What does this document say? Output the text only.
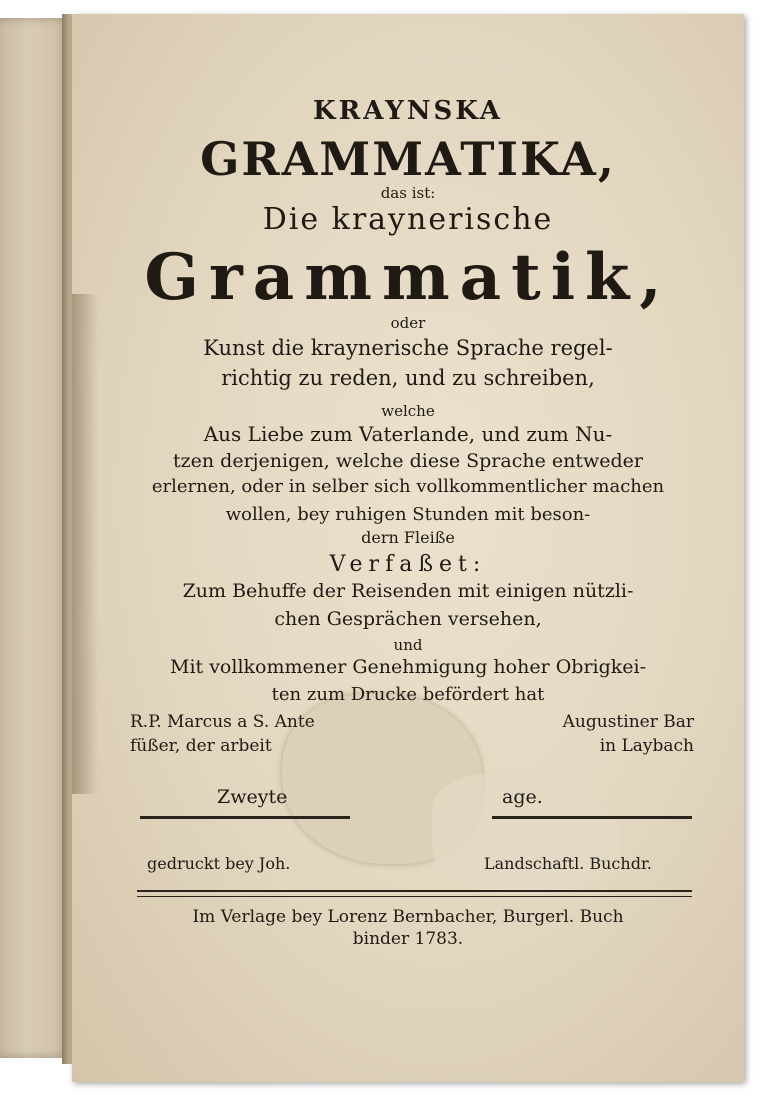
KRAYNSKA
GRAMMATIKA,
das ist:
Die kraynerische
Grammatik,
oder
Kunst die kraynerische Sprache regel-
richtig zu reden, und zu schreiben,
welche
Aus Liebe zum Vaterlande, und zum Nu-
tzen derjenigen, welche diese Sprache entweder
erlernen, oder in selber sich vollkommentlicher machen
wollen, bey ruhigen Stunden mit beson-
dern Fleiße
Verfaßet:
Zum Behuffe der Reisenden mit einigen nützli-
chen Gesprächen versehen,
und
Mit vollkommener Genehmigung hoher Obrigkei-
ten zum Drucke befördert hat
R.P. Marcus a S. Ante	Augustiner Bar
füßer, der arbeit	in Laybach
Zweyte	age.
gedruckt bey Joh.	Landschaftl. Buchdr.
Im Verlage bey Lorenz Bernbacher, Burgerl. Buch
binder 1783.
